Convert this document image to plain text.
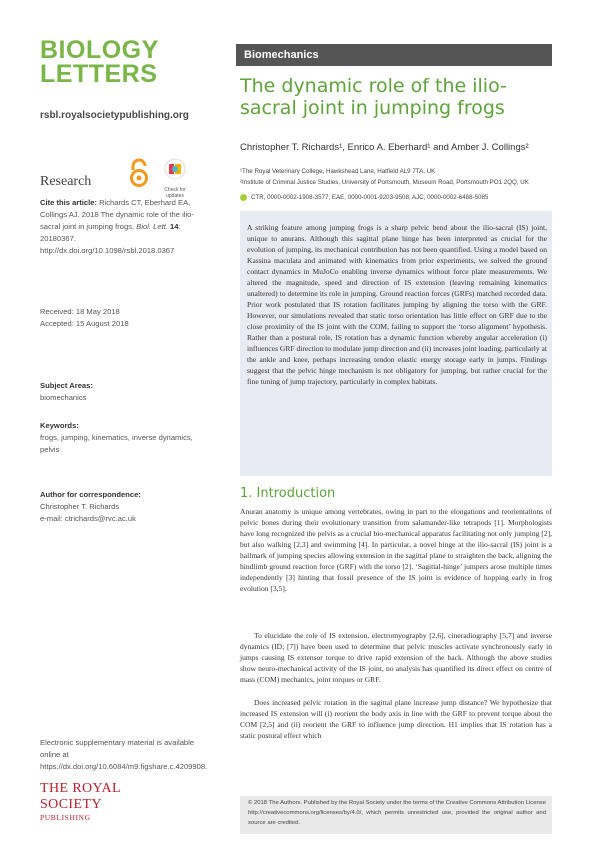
BIOLOGY
LETTERS
rsbl.royalsocietypublishing.org
Research
Check for updates
Cite this article: Richards CT, Eberhard EA, Collings AJ. 2018 The dynamic role of the ilio-sacral joint in jumping frogs. Biol. Lett. 14: 20180367.
http://dx.doi.org/10.1098/rsbl.2018.0367
Received: 18 May 2018
Accepted: 15 August 2018
Subject Areas:
biomechanics
Keywords:
frogs, jumping, kinematics, inverse dynamics, pelvis
Author for correspondence:
Christopher T. Richards
e-mail: ctrichards@rvc.ac.uk
Electronic supplementary material is available online at https://dx.doi.org/10.6084/m9.figshare.c.4209908.
THE ROYAL SOCIETY
PUBLISHING
Biomechanics
The dynamic role of the ilio-sacral joint in jumping frogs
Christopher T. Richards¹, Enrico A. Eberhard¹ and Amber J. Collings²
¹The Royal Veterinary College, Hawkshead Lane, Hatfield AL9 7TA, UK
²Institute of Criminal Justice Studies, University of Portsmouth, Museum Road, Portsmouth PO1 2QQ, UK
CTR, 0000-0002-1908-3577; EAE, 0000-0001-9203-9508; AJC, 0000-0002-6488-5085
A striking feature among jumping frogs is a sharp pelvic bend about the ilio-sacral (IS) joint, unique to anurans. Although this sagittal plane hinge has been interpreted as crucial for the evolution of jumping, its mechanical contribution has not been quantified. Using a model based on Kassina maculata and animated with kinematics from prior experiments, we solved the ground contact dynamics in MuJoCo enabling inverse dynamics without force plate measurements. We altered the magnitude, speed and direction of IS extension (leaving remaining kinematics unaltered) to determine its role in jumping. Ground reaction forces (GRFs) matched recorded data. Prior work postulated that IS rotation facilitates jumping by aligning the torso with the GRF. However, our simulations revealed that static torso orientation has little effect on GRF due to the close proximity of the IS joint with the COM, failing to support the ‘torso alignment’ hypothesis. Rather than a postural role, IS rotation has a dynamic function whereby angular acceleration (i) influences GRF direction to modulate jump direction and (ii) increases joint loading, particularly at the ankle and knee, perhaps increasing tendon elastic energy storage early in jumps. Findings suggest that the pelvic hinge mechanism is not obligatory for jumping, but rather crucial for the fine tuning of jump trajectory, particularly in complex habitats.
1. Introduction
Anuran anatomy is unique among vertebrates, owing in part to the elongations and reorientations of pelvic bones during their evolutionary transition from salamander-like tetrapods [1]. Morphologists have long recognized the pelvis as a crucial bio-mechanical apparatus facilitating not only jumping [2], but also walking [2,3] and swimming [4]. In particular, a novel hinge at the ilio-sacral (IS) joint is a hallmark of jumping species allowing extension in the sagittal plane to straighten the back, aligning the hindlimb ground reaction force (GRF) with the torso [2]. ‘Sagittal-hinge’ jumpers arose multiple times independently [3] hinting that fossil presence of the IS joint is evidence of hopping early in frog evolution [3,5].
To elucidate the role of IS extension, electromyography [2,6], cineradiography [5,7] and inverse dynamics (ID; [7]) have been used to determine that pelvic muscles activate synchronously early in jumps causing IS extensor torque to drive rapid extension of the back. Although the above studies show neuro-mechanical activity of the IS joint, no analysis has quantified its direct effect on centre of mass (COM) mechanics, joint torques or GRF.
Does increased pelvic rotation in the sagittal plane increase jump distance? We hypothesize that increased IS extension will (i) reorient the body axis in line with the GRF to prevent torque about the COM [2,5] and (ii) reorient the GRF to influence jump direction. H1 implies that IS rotation has a static postural effect which
© 2018 The Authors. Published by the Royal Society under the terms of the Creative Commons Attribution License http://creativecommons.org/licenses/by/4.0/, which permits unrestricted use, provided the original author and source are credited.
